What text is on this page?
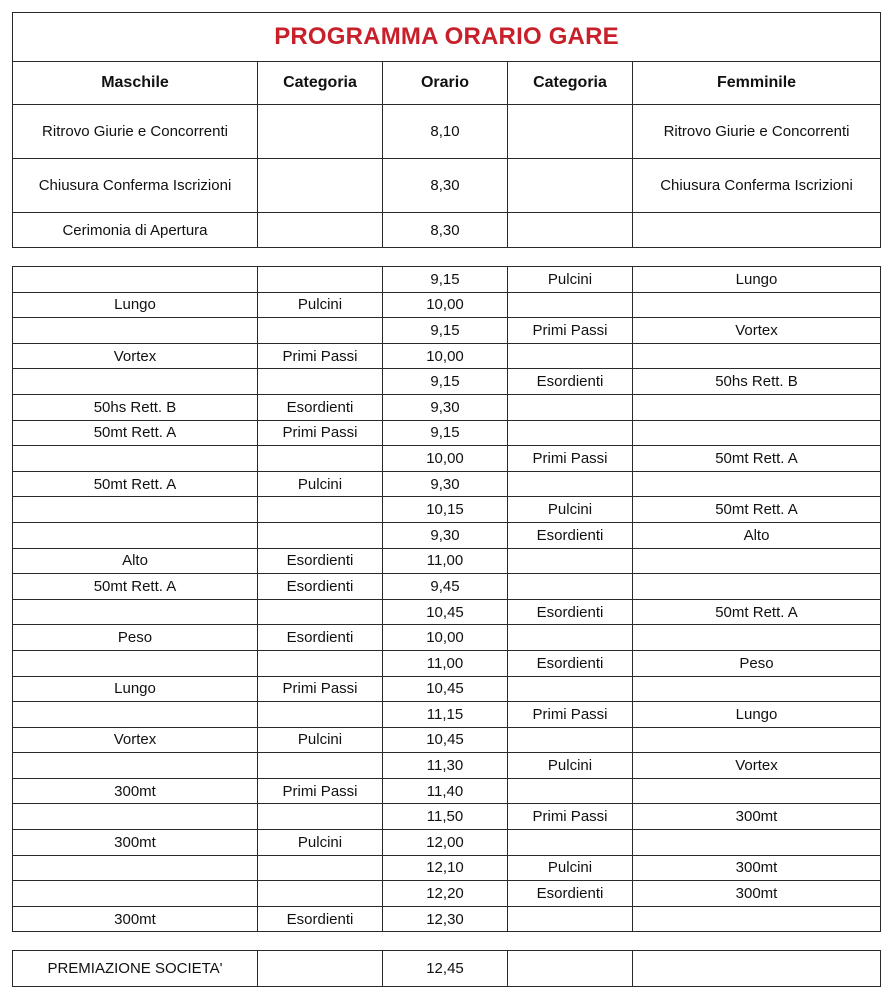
PROGRAMMA ORARIO GARE				
Maschile	Categoria	Orario	Categoria	Femminile
Ritrovo Giurie e Concorrenti		8,10		Ritrovo Giurie e Concorrenti
Chiusura Conferma Iscrizioni		8,30		Chiusura Conferma Iscrizioni
Cerimonia di Apertura		8,30		
		9,15	Pulcini	Lungo
Lungo	Pulcini	10,00		
		9,15	Primi Passi	Vortex
Vortex	Primi Passi	10,00		
		9,15	Esordienti	50hs Rett. B
50hs Rett. B	Esordienti	9,30		
50mt Rett. A	Primi Passi	9,15		
		10,00	Primi Passi	50mt Rett. A
50mt Rett. A	Pulcini	9,30		
		10,15	Pulcini	50mt Rett. A
		9,30	Esordienti	Alto
Alto	Esordienti	11,00		
50mt Rett. A	Esordienti	9,45		
		10,45	Esordienti	50mt Rett. A
Peso	Esordienti	10,00		
		11,00	Esordienti	Peso
Lungo	Primi Passi	10,45		
		11,15	Primi Passi	Lungo
Vortex	Pulcini	10,45		
		11,30	Pulcini	Vortex
300mt	Primi Passi	11,40		
		11,50	Primi Passi	300mt
300mt	Pulcini	12,00		
		12,10	Pulcini	300mt
		12,20	Esordienti	300mt
300mt	Esordienti	12,30		
PREMIAZIONE SOCIETA'		12,45		
